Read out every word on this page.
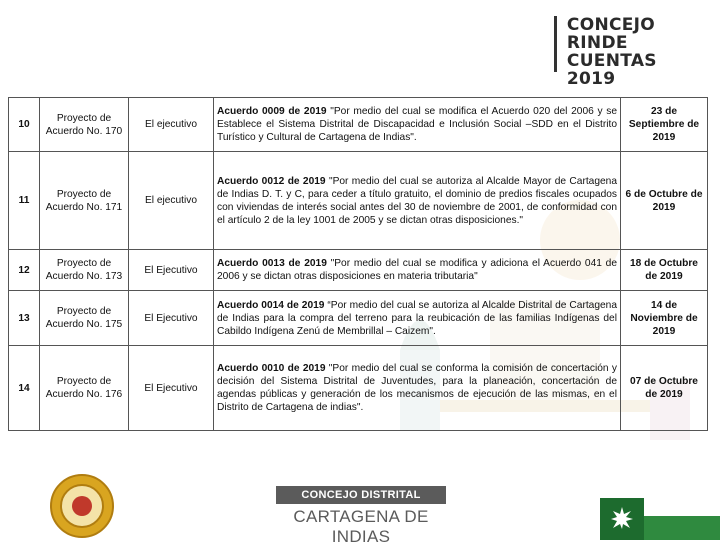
CONCEJO
RINDE CUENTAS
2019
10	Proyecto de Acuerdo No. 170	El ejecutivo	Acuerdo 0009 de 2019 "Por medio del cual se modifica el Acuerdo 020 del 2006 y se Establece el Sistema Distrital de Discapacidad e Inclusión Social –SDD en el Distrito Turístico y Cultural de Cartagena de Indias".	23 de Septiembre de 2019
11	Proyecto de Acuerdo No. 171	El ejecutivo	Acuerdo 0012 de 2019 "Por medio del cual se autoriza al Alcalde Mayor de Cartagena de Indias D. T. y C, para ceder a título gratuito, el dominio de predios fiscales ocupados con viviendas de interés social antes del 30 de noviembre de 2001, de conformidad con el artículo 2 de la ley 1001 de 2005 y se dictan otras disposiciones."	6 de Octubre de 2019
12	Proyecto de Acuerdo No. 173	El Ejecutivo	Acuerdo 0013 de 2019 "Por medio del cual se modifica y adiciona el Acuerdo 041 de 2006 y se dictan otras disposiciones en materia tributaria"	18 de Octubre de 2019
13	Proyecto de Acuerdo No. 175	El Ejecutivo	Acuerdo 0014 de 2019 “Por medio del cual se autoriza al Alcalde Distrital de Cartagena de Indias para la compra del terreno para la reubicación de las familias Indígenas del Cabildo Indígena Zenú de Membrillal – Caizem".	14 de Noviembre de 2019
14	Proyecto de Acuerdo No. 176	El Ejecutivo	Acuerdo 0010 de 2019 "Por medio del cual se conforma la comisión de concertación y decisión del Sistema Distrital de Juventudes, para la planeación, concertación de agendas públicas y generación de los mecanismos de ejecución de las mismas, en el Distrito de Cartagena de indias".	07 de Octubre de 2019
CONCEJO DISTRITAL
CARTAGENA DE INDIAS
